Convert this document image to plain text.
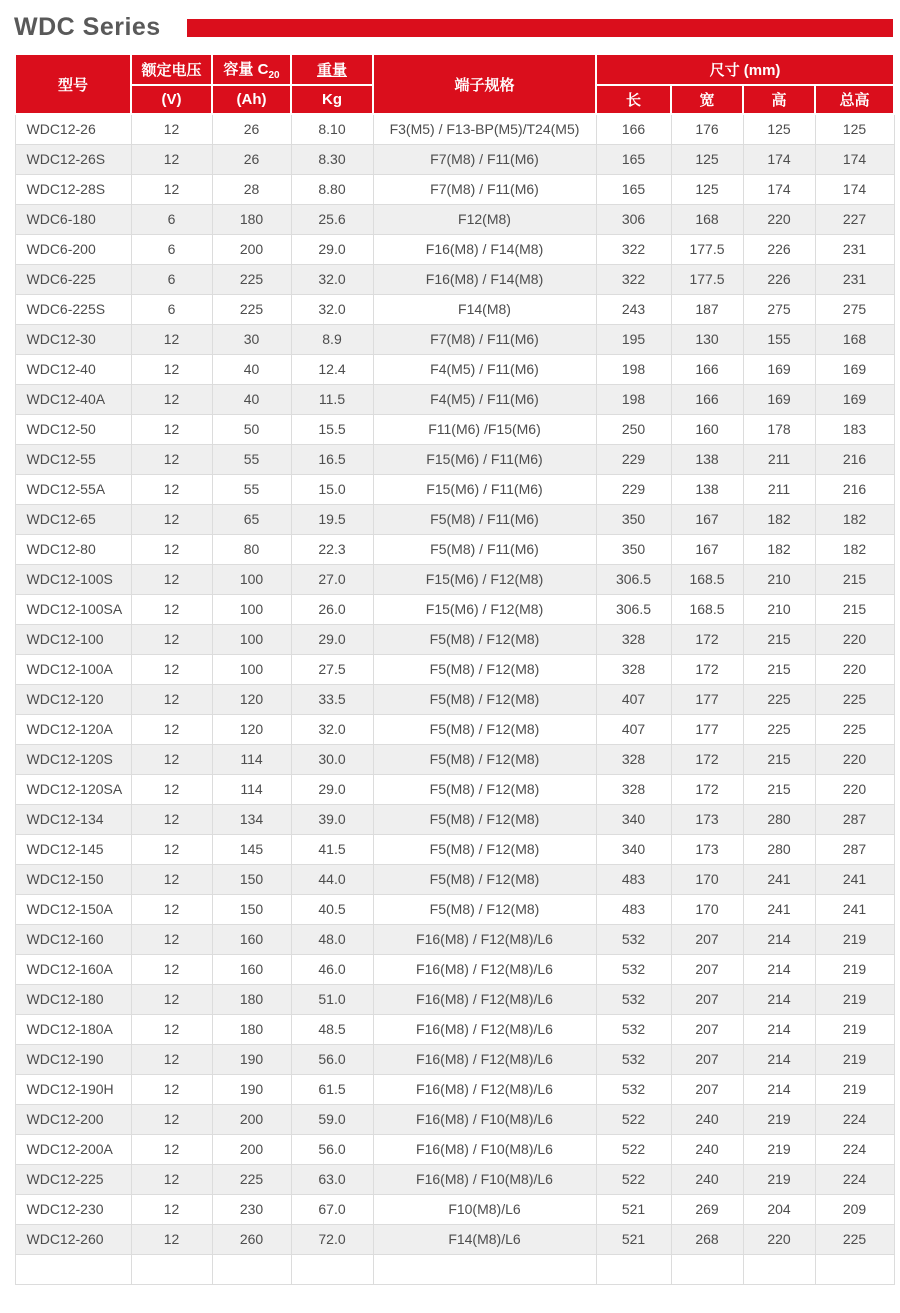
WDC Series
型号	额定电压	容量 $C_{20}$	重量	端子规格	尺寸 (mm)			
	(V)	(Ah)	Kg		长	宽	高	总高
WDC12-26	12	26	8.10	F3(M5) / F13-BP(M5)/T24(M5)	166	176	125	125
WDC12-26S	12	26	8.30	F7(M8) / F11(M6)	165	125	174	174
WDC12-28S	12	28	8.80	F7(M8) / F11(M6)	165	125	174	174
WDC6-180	6	180	25.6	F12(M8)	306	168	220	227
WDC6-200	6	200	29.0	F16(M8) / F14(M8)	322	177.5	226	231
WDC6-225	6	225	32.0	F16(M8) / F14(M8)	322	177.5	226	231
WDC6-225S	6	225	32.0	F14(M8)	243	187	275	275
WDC12-30	12	30	8.9	F7(M8) / F11(M6)	195	130	155	168
WDC12-40	12	40	12.4	F4(M5) / F11(M6)	198	166	169	169
WDC12-40A	12	40	11.5	F4(M5) / F11(M6)	198	166	169	169
WDC12-50	12	50	15.5	F11(M6) /F15(M6)	250	160	178	183
WDC12-55	12	55	16.5	F15(M6) / F11(M6)	229	138	211	216
WDC12-55A	12	55	15.0	F15(M6) / F11(M6)	229	138	211	216
WDC12-65	12	65	19.5	F5(M8) / F11(M6)	350	167	182	182
WDC12-80	12	80	22.3	F5(M8) / F11(M6)	350	167	182	182
WDC12-100S	12	100	27.0	F15(M6) / F12(M8)	306.5	168.5	210	215
WDC12-100SA	12	100	26.0	F15(M6) / F12(M8)	306.5	168.5	210	215
WDC12-100	12	100	29.0	F5(M8) / F12(M8)	328	172	215	220
WDC12-100A	12	100	27.5	F5(M8) / F12(M8)	328	172	215	220
WDC12-120	12	120	33.5	F5(M8) / F12(M8)	407	177	225	225
WDC12-120A	12	120	32.0	F5(M8) / F12(M8)	407	177	225	225
WDC12-120S	12	114	30.0	F5(M8) / F12(M8)	328	172	215	220
WDC12-120SA	12	114	29.0	F5(M8) / F12(M8)	328	172	215	220
WDC12-134	12	134	39.0	F5(M8) / F12(M8)	340	173	280	287
WDC12-145	12	145	41.5	F5(M8) / F12(M8)	340	173	280	287
WDC12-150	12	150	44.0	F5(M8) / F12(M8)	483	170	241	241
WDC12-150A	12	150	40.5	F5(M8) / F12(M8)	483	170	241	241
WDC12-160	12	160	48.0	F16(M8) / F12(M8)/L6	532	207	214	219
WDC12-160A	12	160	46.0	F16(M8) / F12(M8)/L6	532	207	214	219
WDC12-180	12	180	51.0	F16(M8) / F12(M8)/L6	532	207	214	219
WDC12-180A	12	180	48.5	F16(M8) / F12(M8)/L6	532	207	214	219
WDC12-190	12	190	56.0	F16(M8) / F12(M8)/L6	532	207	214	219
WDC12-190H	12	190	61.5	F16(M8) / F12(M8)/L6	532	207	214	219
WDC12-200	12	200	59.0	F16(M8) / F10(M8)/L6	522	240	219	224
WDC12-200A	12	200	56.0	F16(M8) / F10(M8)/L6	522	240	219	224
WDC12-225	12	225	63.0	F16(M8) / F10(M8)/L6	522	240	219	224
WDC12-230	12	230	67.0	F10(M8)/L6	521	269	204	209
WDC12-260	12	260	72.0	F14(M8)/L6	521	268	220	225
